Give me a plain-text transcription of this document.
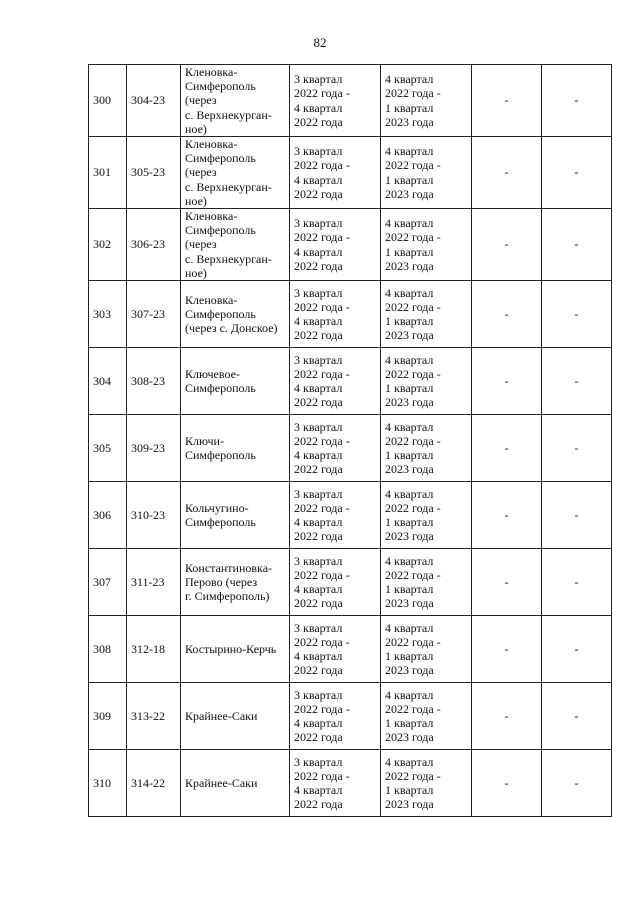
82
300	304-23	Кленовка-
Симферополь
(через
с. Верхнекурган-
ное)	3 квартал
2022 года -
4 квартал
2022 года	4 квартал
2022 года -
1 квартал
2023 года	-	-
301	305-23	Кленовка-
Симферополь
(через
с. Верхнекурган-
ное)	3 квартал
2022 года -
4 квартал
2022 года	4 квартал
2022 года -
1 квартал
2023 года	-	-
302	306-23	Кленовка-
Симферополь
(через
с. Верхнекурган-
ное)	3 квартал
2022 года -
4 квартал
2022 года	4 квартал
2022 года -
1 квартал
2023 года	-	-
303	307-23	Кленовка-
Симферополь
(через с. Донское)	3 квартал
2022 года -
4 квартал
2022 года	4 квартал
2022 года -
1 квартал
2023 года	-	-
304	308-23	Ключевое-
Симферополь	3 квартал
2022 года -
4 квартал
2022 года	4 квартал
2022 года -
1 квартал
2023 года	-	-
305	309-23	Ключи-
Симферополь	3 квартал
2022 года -
4 квартал
2022 года	4 квартал
2022 года -
1 квартал
2023 года	-	-
306	310-23	Кольчугино-
Симферополь	3 квартал
2022 года -
4 квартал
2022 года	4 квартал
2022 года -
1 квартал
2023 года	-	-
307	311-23	Константиновка-
Перово (через
г. Симферополь)	3 квартал
2022 года -
4 квартал
2022 года	4 квартал
2022 года -
1 квартал
2023 года	-	-
308	312-18	Костырино-Керчь	3 квартал
2022 года -
4 квартал
2022 года	4 квартал
2022 года -
1 квартал
2023 года	-	-
309	313-22	Крайнее-Саки	3 квартал
2022 года -
4 квартал
2022 года	4 квартал
2022 года -
1 квартал
2023 года	-	-
310	314-22	Крайнее-Саки	3 квартал
2022 года -
4 квартал
2022 года	4 квартал
2022 года -
1 квартал
2023 года	-	-
